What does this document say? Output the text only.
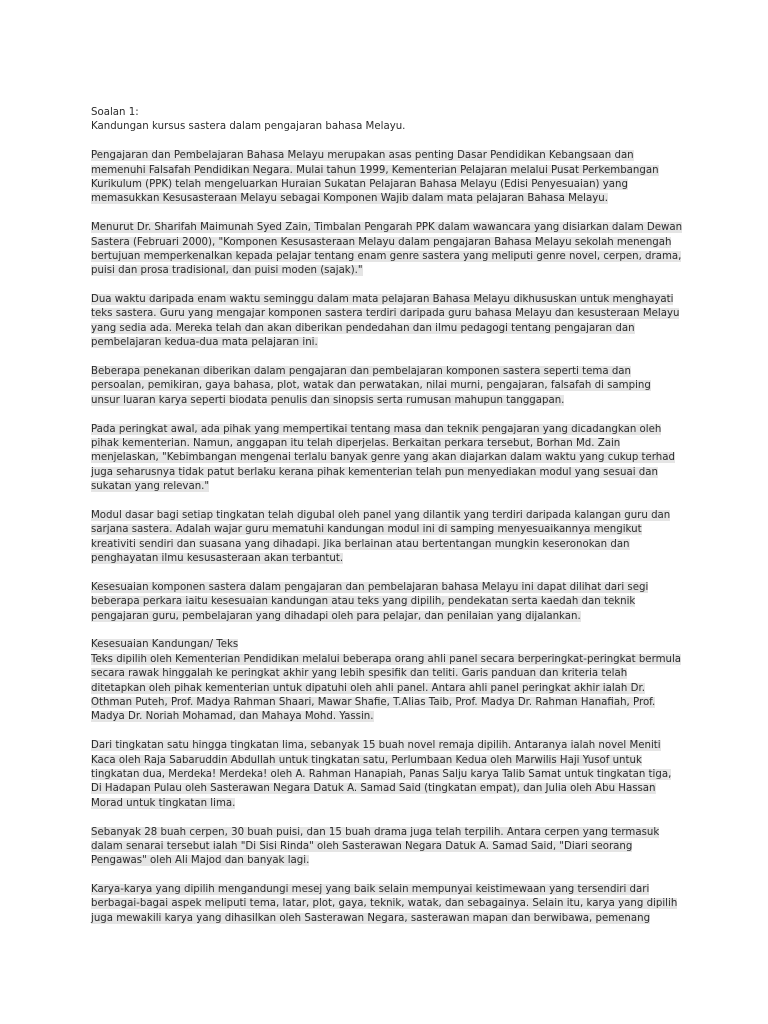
Soalan 1:
Kandungan kursus sastera dalam pengajaran bahasa Melayu.
Pengajaran dan Pembelajaran Bahasa Melayu merupakan asas penting Dasar Pendidikan Kebangsaan dan
memenuhi Falsafah Pendidikan Negara. Mulai tahun 1999, Kementerian Pelajaran melalui Pusat Perkembangan
Kurikulum (PPK) telah mengeluarkan Huraian Sukatan Pelajaran Bahasa Melayu (Edisi Penyesuaian) yang
memasukkan Kesusasteraan Melayu sebagai Komponen Wajib dalam mata pelajaran Bahasa Melayu.
Menurut Dr. Sharifah Maimunah Syed Zain, Timbalan Pengarah PPK dalam wawancara yang disiarkan dalam Dewan
Sastera (Februari 2000), "Komponen Kesusasteraan Melayu dalam pengajaran Bahasa Melayu sekolah menengah
bertujuan memperkenalkan kepada pelajar tentang enam genre sastera yang meliputi genre novel, cerpen, drama,
puisi dan prosa tradisional, dan puisi moden (sajak)."
Dua waktu daripada enam waktu seminggu dalam mata pelajaran Bahasa Melayu dikhususkan untuk menghayati
teks sastera. Guru yang mengajar komponen sastera terdiri daripada guru bahasa Melayu dan kesusteraan Melayu
yang sedia ada. Mereka telah dan akan diberikan pendedahan dan ilmu pedagogi tentang pengajaran dan
pembelajaran kedua-dua mata pelajaran ini.
Beberapa penekanan diberikan dalam pengajaran dan pembelajaran komponen sastera seperti tema dan
persoalan, pemikiran, gaya bahasa, plot, watak dan perwatakan, nilai murni, pengajaran, falsafah di samping
unsur luaran karya seperti biodata penulis dan sinopsis serta rumusan mahupun tanggapan.
Pada peringkat awal, ada pihak yang mempertikai tentang masa dan teknik pengajaran yang dicadangkan oleh
pihak kementerian. Namun, anggapan itu telah diperjelas. Berkaitan perkara tersebut, Borhan Md. Zain
menjelaskan, "Kebimbangan mengenai terlalu banyak genre yang akan diajarkan dalam waktu yang cukup terhad
juga seharusnya tidak patut berlaku kerana pihak kementerian telah pun menyediakan modul yang sesuai dan
sukatan yang relevan."
Modul dasar bagi setiap tingkatan telah digubal oleh panel yang dilantik yang terdiri daripada kalangan guru dan
sarjana sastera. Adalah wajar guru mematuhi kandungan modul ini di samping menyesuaikannya mengikut
kreativiti sendiri dan suasana yang dihadapi. Jika berlainan atau bertentangan mungkin keseronokan dan
penghayatan ilmu kesusasteraan akan terbantut.
Kesesuaian komponen sastera dalam pengajaran dan pembelajaran bahasa Melayu ini dapat dilihat dari segi
beberapa perkara iaitu kesesuaian kandungan atau teks yang dipilih, pendekatan serta kaedah dan teknik
pengajaran guru, pembelajaran yang dihadapi oleh para pelajar, dan penilaian yang dijalankan.
Kesesuaian Kandungan/ Teks
Teks dipilih oleh Kementerian Pendidikan melalui beberapa orang ahli panel secara berperingkat-peringkat bermula
secara rawak hinggalah ke peringkat akhir yang lebih spesifik dan teliti. Garis panduan dan kriteria telah
ditetapkan oleh pihak kementerian untuk dipatuhi oleh ahli panel. Antara ahli panel peringkat akhir ialah Dr.
Othman Puteh, Prof. Madya Rahman Shaari, Mawar Shafie, T.Alias Taib, Prof. Madya Dr. Rahman Hanafiah, Prof.
Madya Dr. Noriah Mohamad, dan Mahaya Mohd. Yassin.
Dari tingkatan satu hingga tingkatan lima, sebanyak 15 buah novel remaja dipilih. Antaranya ialah novel Meniti
Kaca oleh Raja Sabaruddin Abdullah untuk tingkatan satu, Perlumbaan Kedua oleh Marwilis Haji Yusof untuk
tingkatan dua, Merdeka! Merdeka! oleh A. Rahman Hanapiah, Panas Salju karya Talib Samat untuk tingkatan tiga,
Di Hadapan Pulau oleh Sasterawan Negara Datuk A. Samad Said (tingkatan empat), dan Julia oleh Abu Hassan
Morad untuk tingkatan lima.
Sebanyak 28 buah cerpen, 30 buah puisi, dan 15 buah drama juga telah terpilih. Antara cerpen yang termasuk
dalam senarai tersebut ialah "Di Sisi Rinda" oleh Sasterawan Negara Datuk A. Samad Said, "Diari seorang
Pengawas" oleh Ali Majod dan banyak lagi.
Karya-karya yang dipilih mengandungi mesej yang baik selain mempunyai keistimewaan yang tersendiri dari
berbagai-bagai aspek meliputi tema, latar, plot, gaya, teknik, watak, dan sebagainya. Selain itu, karya yang dipilih
juga mewakili karya yang dihasilkan oleh Sasterawan Negara, sasterawan mapan dan berwibawa, pemenang
